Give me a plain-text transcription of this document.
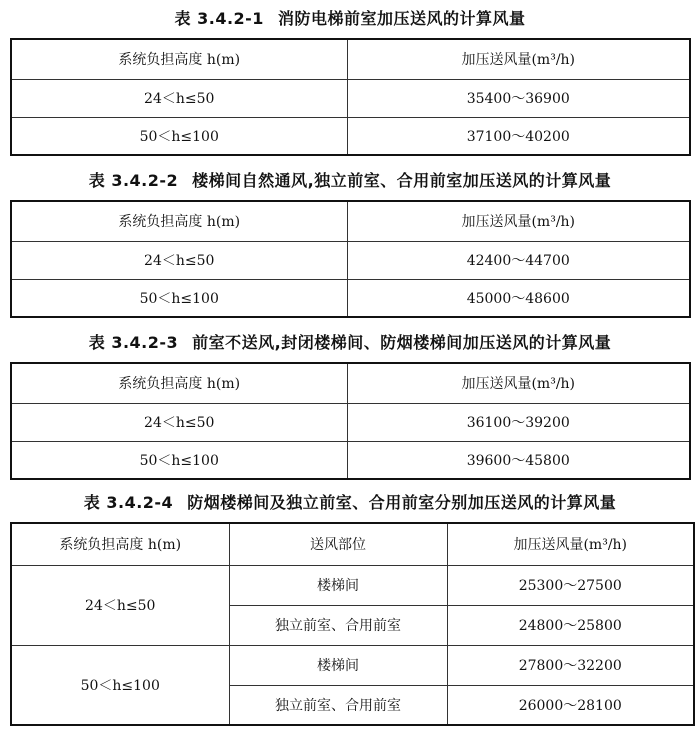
表 3.4.2-1 消防电梯前室加压送风的计算风量
系统负担高度 h(m)	加压送风量(m³/h)
24＜h≤50	35400～36900
50＜h≤100	37100～40200
表 3.4.2-2 楼梯间自然通风,独立前室、合用前室加压送风的计算风量
系统负担高度 h(m)	加压送风量(m³/h)
24＜h≤50	42400～44700
50＜h≤100	45000～48600
表 3.4.2-3 前室不送风,封闭楼梯间、防烟楼梯间加压送风的计算风量
系统负担高度 h(m)	加压送风量(m³/h)
24＜h≤50	36100～39200
50＜h≤100	39600～45800
表 3.4.2-4 防烟楼梯间及独立前室、合用前室分别加压送风的计算风量
系统负担高度 h(m)	送风部位	加压送风量(m³/h)
24＜h≤50	楼梯间	25300～27500
	独立前室、合用前室	24800～25800
50＜h≤100	楼梯间	27800～32200
	独立前室、合用前室	26000～28100
